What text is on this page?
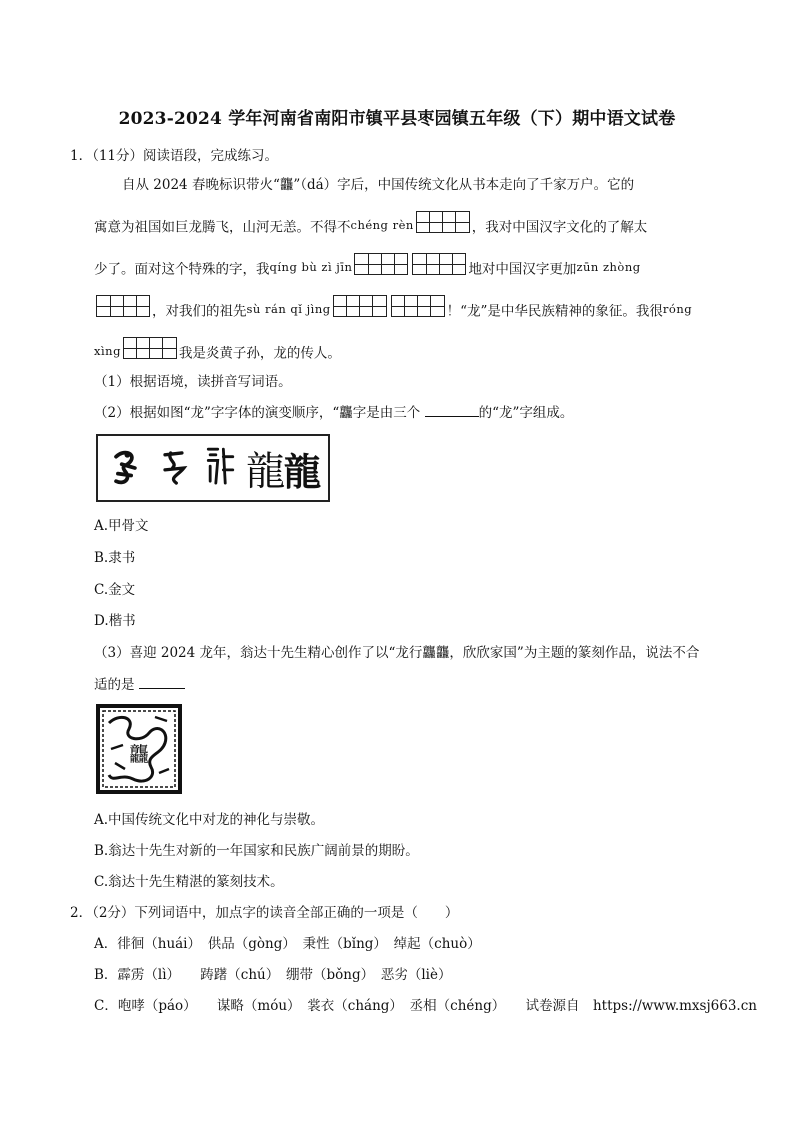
2023-2024 学年河南省南阳市镇平县枣园镇五年级（下）期中语文试卷
1．（11分）阅读语段，完成练习。
自从 2024 春晚标识带火“龘”（dá）字后，中国传统文化从书本走向了千家万户。它的
寓意为祖国如巨龙腾飞，山河无恙。不得不chéng rèn	，我对中国汉字文化的了解太
少了。面对这个特殊的字，我qíng bù zì jīn	地对中国汉字更加zūn zhòng
，对我们的祖先sù rán qǐ jìng	！“龙”是中华民族精神的象征。我很róng
xìng	我是炎黄子孙，龙的传人。
（1）根据语境，读拼音写词语。
（2）根据如图“龙”字字体的演变顺序，“龘字是由三个	的“龙”字组成。
龍
龍
A.甲骨文
B.隶书
C.金文
D.楷书
（3）喜迎 2024 龙年，翁达十先生精心创作了以“龙行龘龘，欣欣家国”为主题的篆刻作品，说法不合
适的是
龘
A.中国传统文化中对龙的神化与崇敬。
B.翁达十先生对新的一年国家和民族广阔前景的期盼。
C.翁达十先生精湛的篆刻技术。
2．（2分）下列词语中，加点字的读音全部正确的一项是（　　）
A．徘徊（huái）　供品（gòng）　秉性（bǐng）　绰起（chuò）
B．霹雳（lì）　　踌躇（chú）　绷带（bǒng）　恶劣（liè）
C．咆哮（páo）　　谋略（móu）　裳衣（cháng）　丞相（chéng）　　试卷源自　https://www.mxsj663.cn
